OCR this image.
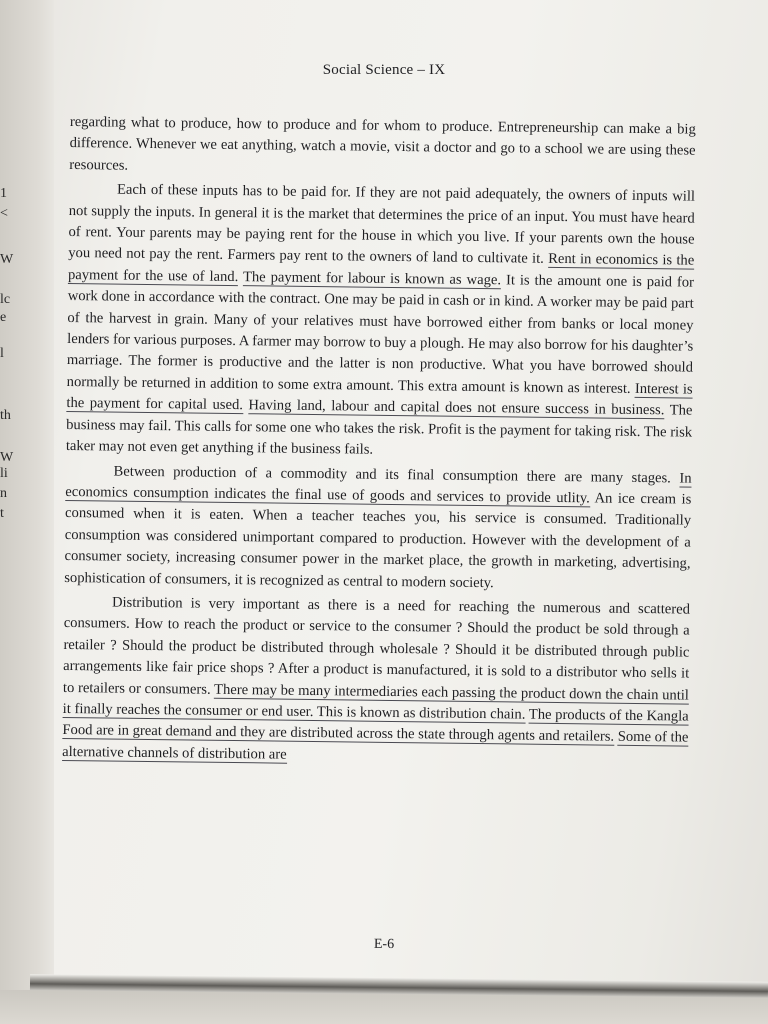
1
<
W
lc
e
l
th
W
li
n
t
Social Science – IX

regarding what to produce, how to produce and for whom to produce. Entrepreneurship can make a big difference. Whenever we eat anything, watch a movie, visit a doctor and go to a school we are using these resources.

Each of these inputs has to be paid for. If they are not paid adequately, the owners of inputs will not supply the inputs. In general it is the market that determines the price of an input. You must have heard of rent. Your parents may be paying rent for the house in which you live. If your parents own the house you need not pay the rent. Farmers pay rent to the owners of land to cultivate it. Rent in economics is the payment for the use of land. The payment for labour is known as wage. It is the amount one is paid for work done in accordance with the contract. One may be paid in cash or in kind. A worker may be paid part of the harvest in grain. Many of your relatives must have borrowed either from banks or local money lenders for various purposes. A farmer may borrow to buy a plough. He may also borrow for his daughter’s marriage. The former is productive and the latter is non productive. What you have borrowed should normally be returned in addition to some extra amount. This extra amount is known as interest. Interest is the payment for capital used. Having land, labour and capital does not ensure success in business. The business may fail. This calls for some one who takes the risk. Profit is the payment for taking risk. The risk taker may not even get anything if the business fails.

Between production of a commodity and its final consumption there are many stages. In economics consumption indicates the final use of goods and services to provide utlity. An ice cream is consumed when it is eaten. When a teacher teaches you, his service is consumed. Traditionally consumption was considered unimportant compared to production. However with the development of a consumer society, increasing consumer power in the market place, the growth in marketing, advertising, sophistication of consumers, it is recognized as central to modern society.

Distribution is very important as there is a need for reaching the numerous and scattered consumers. How to reach the product or service to the consumer ? Should the product be sold through a retailer ? Should the product be distributed through wholesale ? Should it be distributed through public arrangements like fair price shops ? After a product is manufactured, it is sold to a distributor who sells it to retailers or consumers. There may be many intermediaries each passing the product down the chain until it finally reaches the consumer or end user. This is known as distribution chain. The products of the Kangla Food are in great demand and they are distributed across the state through agents and retailers. Some of the alternative channels of distribution are

E-6
